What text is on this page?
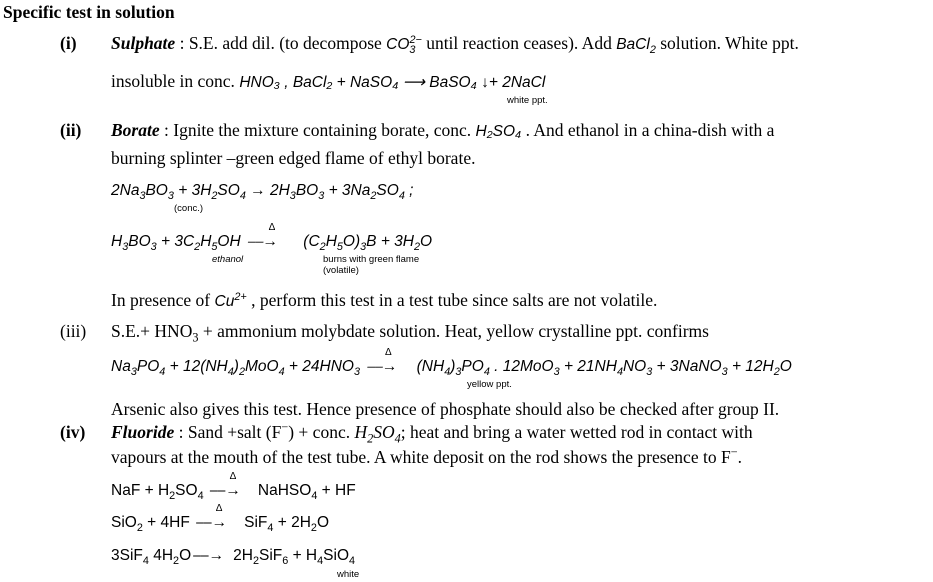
Specific test in solution
(i) Sulphate : S.E. add dil. (to decompose $CO_3^{2-}$ until reaction ceases). Add BaCl$_2$ solution. White ppt.
insoluble in conc. HNO₃ , BaCl₂ + NaSO₄ ⟶ BaSO₄ ↓+ 2NaCl
white ppt.
(ii) Borate : Ignite the mixture containing borate, conc. H₂SO₄ . And ethanol in a china-dish with a
burning splinter –green edged flame of ethyl borate.
$2Na_3BO_3 + 3H_2SO_4 \to 2H_3BO_3 + 3Na_2SO_4$ ;
(conc.)
$H_3BO_3 + 3C_2H_5OH$
Δ
⎯⎯→ $(C_2H_5O)_3B + 3H_2O$
ethanol	burns with green flame
(volatile)
In presence of $Cu^{2+}$ , perform this test in a test tube since salts are not volatile.
(iii) $S.E.+ HNO_3$ + ammonium molybdate solution. Heat, yellow crystalline ppt. confirms
$Na_3PO_4 + 12(NH_4)_2MoO_4 + 24HNO_3$
Δ
⎯⎯→ $(NH_4)_3PO_4$ . $12MoO_3 + 21NH_4NO_3$ + 3NaNO$_3$ + $12H_2O$
yellow ppt.
Arsenic also gives this test. Hence presence of phosphate should also be checked after group II.
(iv) Fluoride : Sand +salt (F−) + conc. $H_2SO_4$; heat and bring a water wetted rod in contact with
vapours at the mouth of the test tube. A white deposit on the rod shows the presence to F−.
NaF + $H_2SO_4$
Δ
⎯⎯→ NaHSO$_4$ + HF
SiO$_2$ + 4HF
Δ
⎯⎯→ $SiF_4 + 2H_2O$
3SiF$_4$ $4H_2O$ ⎯⎯→ $2H_2SiF_6 + H_4SiO_4$
white
